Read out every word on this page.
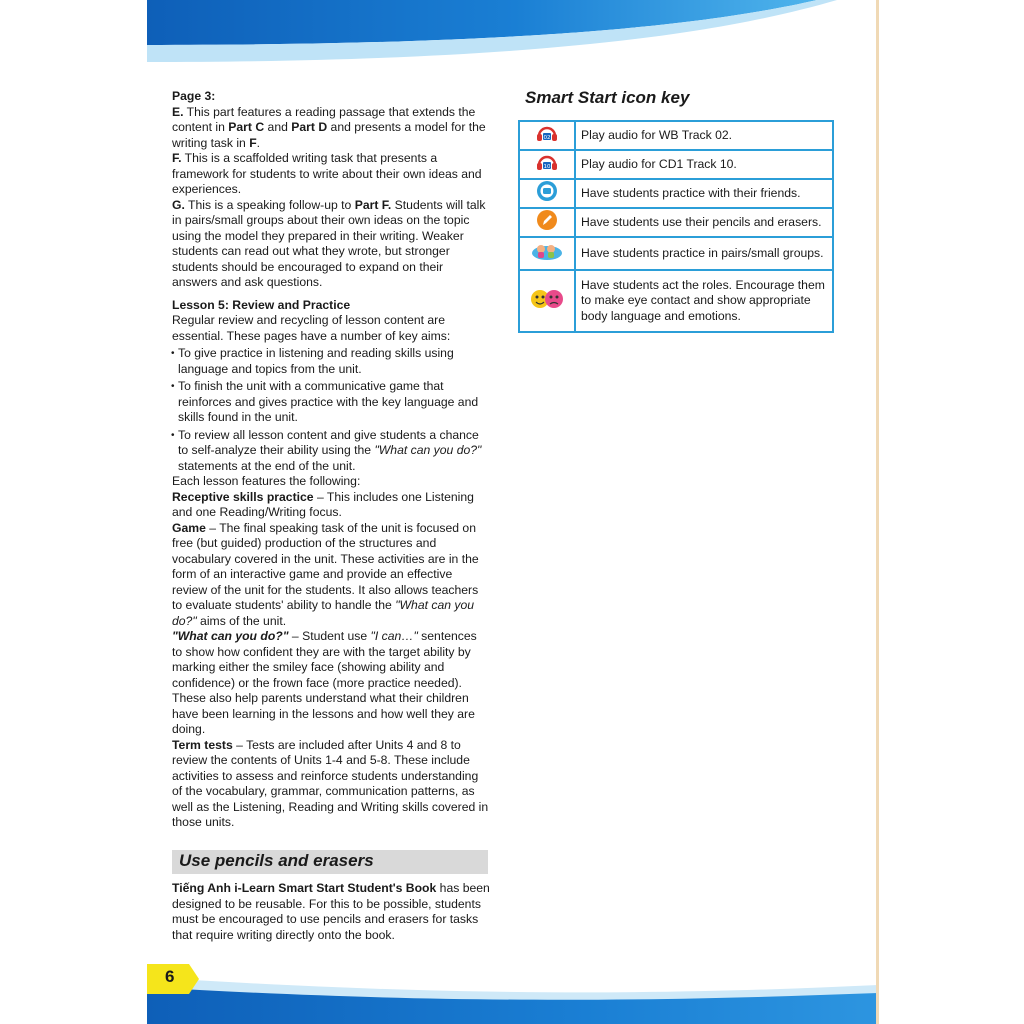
6

Page 3:

E. This part features a reading passage that extends the content in Part C and Part D and presents a model for the writing task in F.

F. This is a scaffolded writing task that presents a framework for students to write about their own ideas and experiences.

G. This is a speaking follow-up to Part F. Students will talk in pairs/small groups about their own ideas on the topic using the model they prepared in their writing. Weaker students can read out what they wrote, but stronger students should be encouraged to expand on their answers and ask questions.

Lesson 5: Review and Practice

Regular review and recycling of lesson content are essential. These pages have a number of key aims:

• To give practice in listening and reading skills using language and topics from the unit.
• To finish the unit with a communicative game that reinforces and gives practice with the key language and skills found in the unit.
• To review all lesson content and give students a chance to self-analyze their ability using the "What can you do?" statements at the end of the unit.

Each lesson features the following:

Receptive skills practice – This includes one Listening and one Reading/Writing focus.

Game – The final speaking task of the unit is focused on free (but guided) production of the structures and vocabulary covered in the unit. These activities are in the form of an interactive game and provide an effective review of the unit for the students. It also allows teachers to evaluate students' ability to handle the "What can you do?" aims of the unit.

"What can you do?" – Student use "I can…" sentences to show how confident they are with the target ability by marking either the smiley face (showing ability and confidence) or the frown face (more practice needed). These also help parents understand what their children have been learning in the lessons and how well they are doing.

Term tests – Tests are included after Units 4 and 8 to review the contents of Units 1-4 and 5-8. These include activities to assess and reinforce students understanding of the vocabulary, grammar, communication patterns, as well as the Listening, Reading and Writing skills covered in those units.

Use pencils and erasers

Tiếng Anh i-Learn Smart Start Student's Book has been designed to be reusable. For this to be possible, students must be encouraged to use pencils and erasers for tasks that require writing directly onto the book.

Smart Start icon key
02	Play audio for WB Track 02.

10	Play audio for CD1 Track 10.
	Have students practice with their friends.
	Have students use their pencils and erasers.
	Have students practice in pairs/small groups.
	Have students act the roles. Encourage them to make eye contact and show appropriate body language and emotions.
